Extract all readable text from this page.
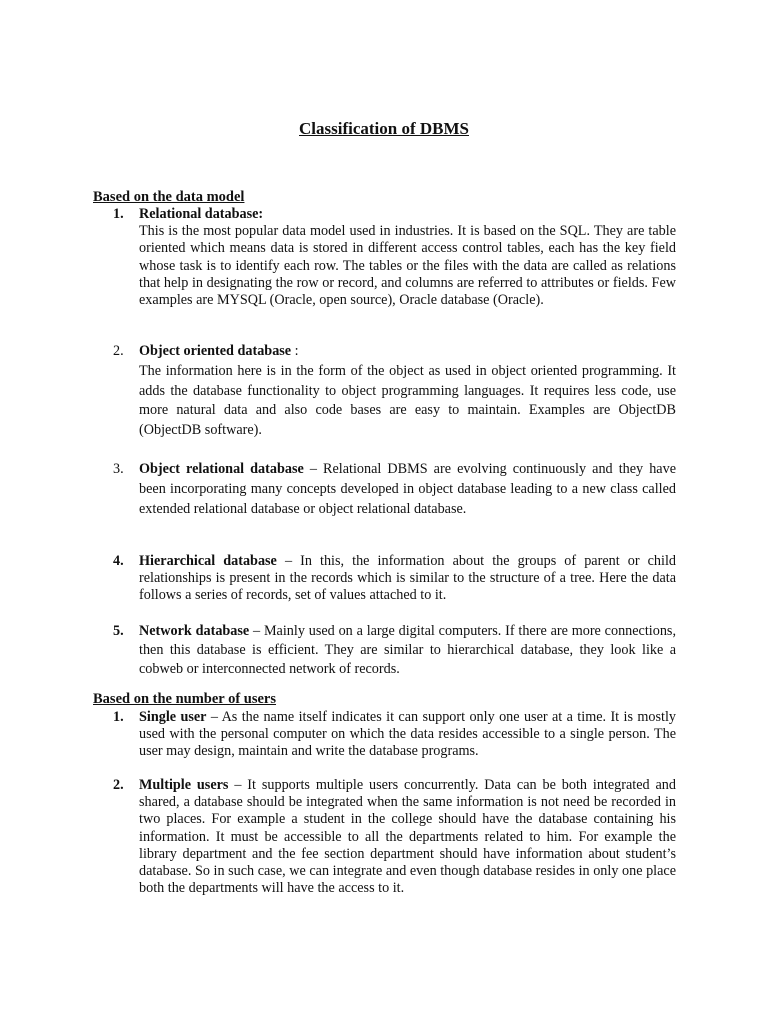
Classification of DBMS
Based on the data model
1.	Relational database:
This is the most popular data model used in industries. It is based on the SQL. They are table oriented which means data is stored in different access control tables, each has the key field whose task is to identify each row. The tables or the files with the data are called as relations that help in designating the row or record, and columns are referred to attributes or fields. Few examples are MYSQL (Oracle, open source), Oracle database (Oracle).
2.	Object oriented database :
The information here is in the form of the object as used in object oriented programming. It adds the database functionality to object programming languages. It requires less code, use more natural data and also code bases are easy to maintain. Examples are ObjectDB (ObjectDB software).
3.	Object relational database – Relational DBMS are evolving continuously and they have been incorporating many concepts developed in object database leading to a new class called extended relational database or object relational database.
4.	Hierarchical database – In this, the information about the groups of parent or child relationships is present in the records which is similar to the structure of a tree. Here the data follows a series of records, set of values attached to it.
5.	Network database – Mainly used on a large digital computers. If there are more connections, then this database is efficient. They are similar to hierarchical database, they look like a cobweb or interconnected network of records.
Based on the number of users
1.	Single user – As the name itself indicates it can support only one user at a time. It is mostly used with the personal computer on which the data resides accessible to a single person. The user may design, maintain and write the database programs.
2.	Multiple users – It supports multiple users concurrently. Data can be both integrated and shared, a database should be integrated when the same information is not need be recorded in two places. For example a student in the college should have the database containing his information. It must be accessible to all the departments related to him. For example the library department and the fee section department should have information about student’s database. So in such case, we can integrate and even though database resides in only one place both the departments will have the access to it.
